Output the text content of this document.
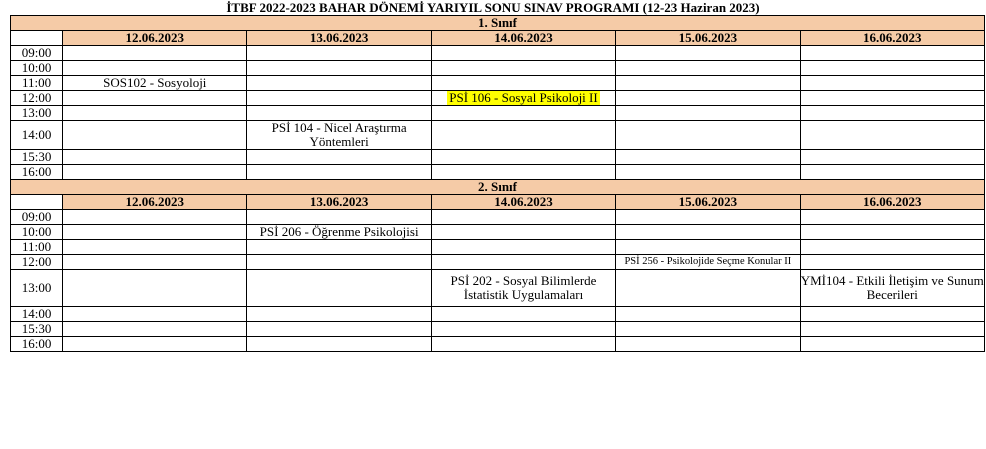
İTBF 2022-2023 BAHAR DÖNEMİ YARIYIL SONU SINAV PROGRAMI (12-23 Haziran 2023)
1. Sınıf					
	12.06.2023	13.06.2023	14.06.2023	15.06.2023	16.06.2023
09:00					
10:00					
11:00	SOS102 - Sosyoloji				
12:00			PSİ 106 - Sosyal Psikoloji II		
13:00					
14:00		PSİ 104 - Nicel Araştırma Yöntemleri			
15:30					
16:00					
2. Sınıf					
	12.06.2023	13.06.2023	14.06.2023	15.06.2023	16.06.2023
09:00					
10:00		PSİ 206 - Öğrenme Psikolojisi			
11:00					
12:00				PSİ 256 - Psikolojide Seçme Konular II	
13:00			PSİ 202 - Sosyal Bilimlerde İstatistik Uygulamaları		YMİ104 - Etkili İletişim ve Sunum Becerileri
14:00					
15:30					
16:00					
